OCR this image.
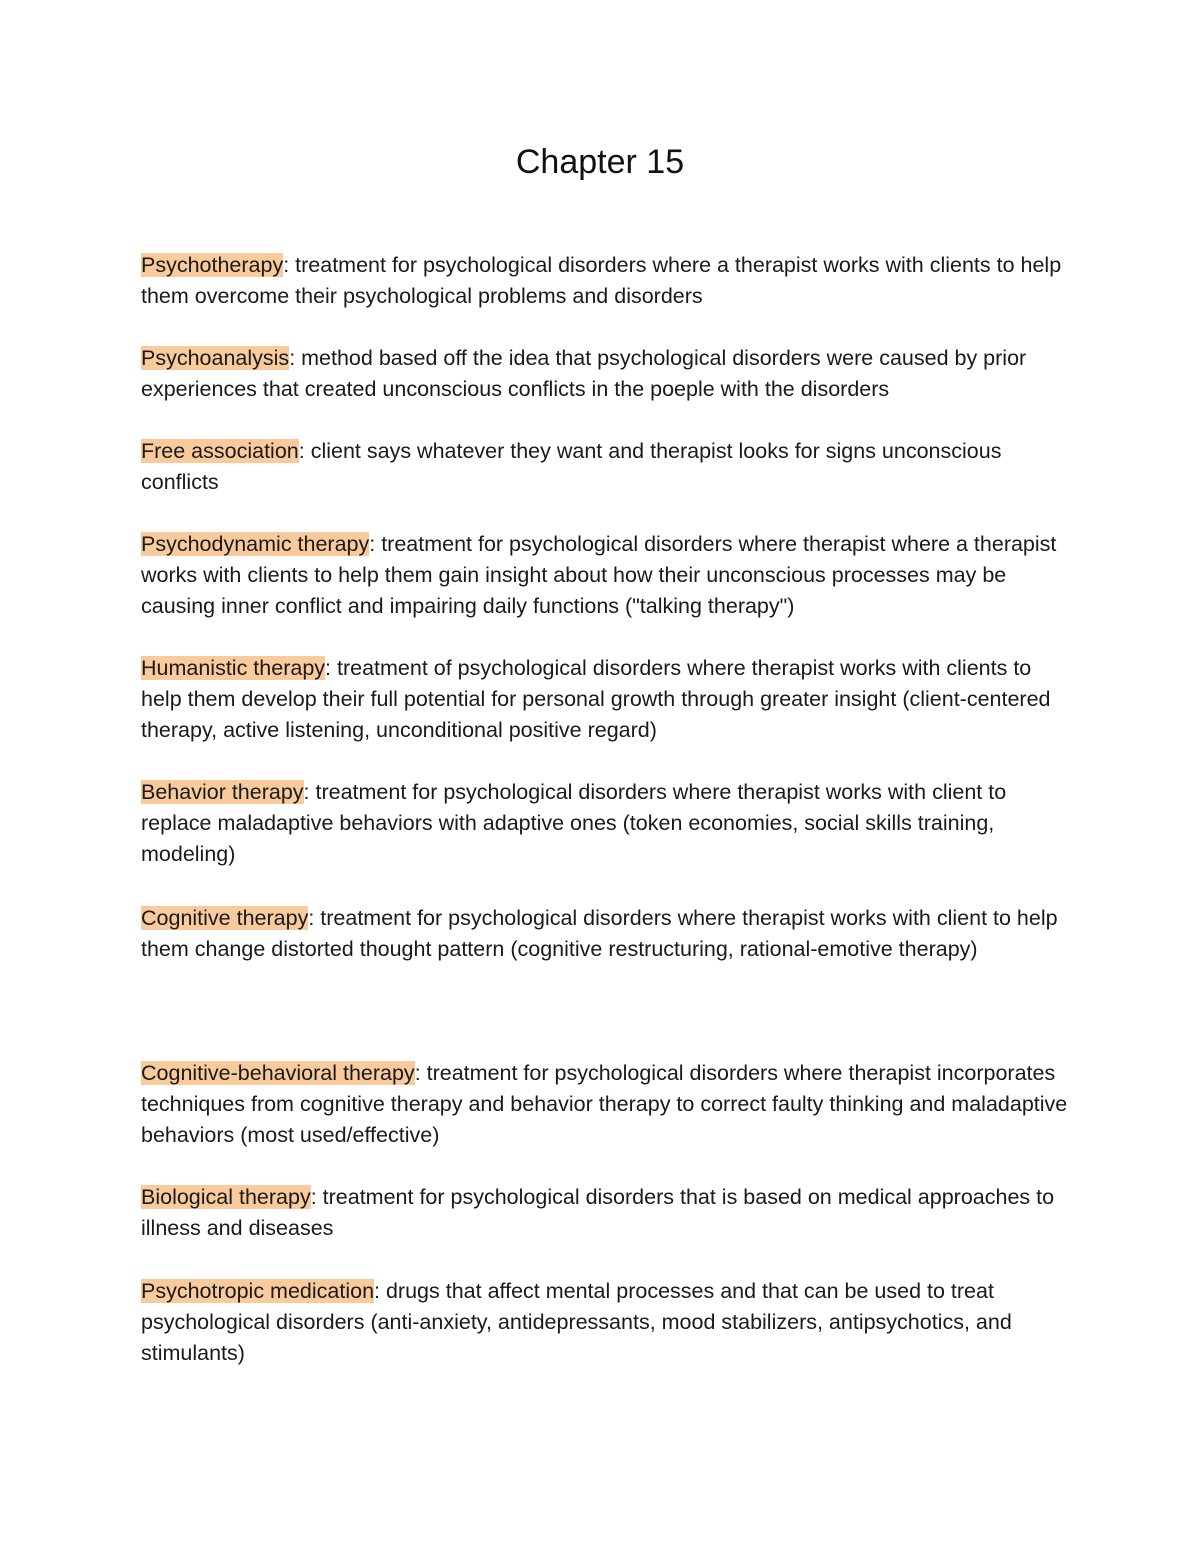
Chapter 15

Psychotherapy: treatment for psychological disorders where a therapist works with clients to help them overcome their psychological problems and disorders

Psychoanalysis: method based off the idea that psychological disorders were caused by prior experiences that created unconscious conflicts in the poeple with the disorders

Free association: client says whatever they want and therapist looks for signs unconscious conflicts

Psychodynamic therapy: treatment for psychological disorders where therapist where a therapist works with clients to help them gain insight about how their unconscious processes may be causing inner conflict and impairing daily functions ("talking therapy")

Humanistic therapy: treatment of psychological disorders where therapist works with clients to help them develop their full potential for personal growth through greater insight (client-centered therapy, active listening, unconditional positive regard)

Behavior therapy: treatment for psychological disorders where therapist works with client to replace maladaptive behaviors with adaptive ones (token economies, social skills training, modeling)

Cognitive therapy: treatment for psychological disorders where therapist works with client to help them change distorted thought pattern (cognitive restructuring, rational-emotive therapy)

Cognitive-behavioral therapy: treatment for psychological disorders where therapist incorporates techniques from cognitive therapy and behavior therapy to correct faulty thinking and maladaptive behaviors (most used/effective)

Biological therapy: treatment for psychological disorders that is based on medical approaches to illness and diseases

Psychotropic medication: drugs that affect mental processes and that can be used to treat psychological disorders (anti-anxiety, antidepressants, mood stabilizers, antipsychotics, and stimulants)
